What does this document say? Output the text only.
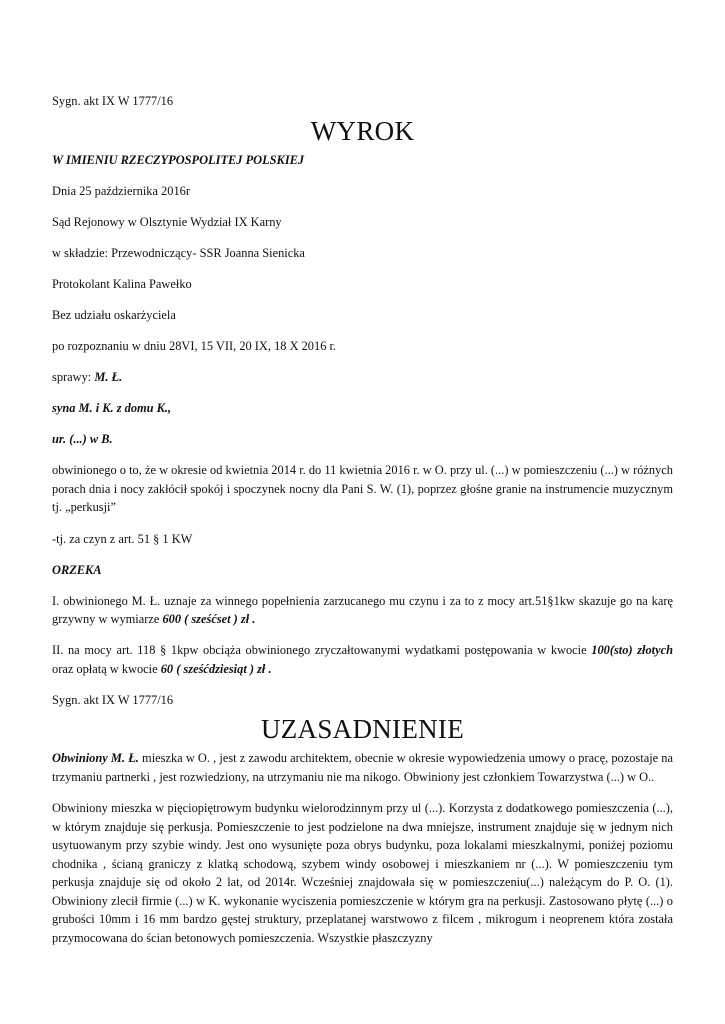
Sygn. akt IX W 1777/16

WYROK

W IMIENIU RZECZYPOSPOLITEJ POLSKIEJ

Dnia 25 października 2016r

Sąd Rejonowy w Olsztynie Wydział IX Karny

w składzie: Przewodniczący- SSR Joanna Sienicka

Protokolant Kalina Pawełko

Bez udziału oskarżyciela

po rozpoznaniu w dniu 28VI, 15 VII, 20 IX, 18 X 2016 r.

sprawy: M. Ł.

syna M. i K. z domu K.,

ur. (...) w B.

obwinionego o to, że w okresie od kwietnia 2014 r. do 11 kwietnia 2016 r. w O. przy ul. (...) w pomieszczeniu (...) w różnych porach dnia i nocy zakłócił spokój i spoczynek nocny dla Pani S. W. (1), poprzez głośne granie na instrumencie muzycznym tj. „perkusji”

-tj. za czyn z art. 51 § 1 KW

ORZEKA

I. obwinionego M. Ł. uznaje za winnego popełnienia zarzucanego mu czynu i za to z mocy art.51§1kw skazuje go na karę grzywny w wymiarze 600 ( sześćset ) zł .

II. na mocy art. 118 § 1kpw obciąża obwinionego zryczałtowanymi wydatkami postępowania w kwocie 100(sto) złotych oraz opłatą w kwocie 60 ( sześćdziesiąt ) zł .

Sygn. akt IX W 1777/16

UZASADNIENIE

Obwiniony M. Ł. mieszka w O. , jest z zawodu architektem, obecnie w okresie wypowiedzenia umowy o pracę, pozostaje na trzymaniu partnerki , jest rozwiedziony, na utrzymaniu nie ma nikogo. Obwiniony jest członkiem Towarzystwa (...) w O..

Obwiniony mieszka w pięciopiętrowym budynku wielorodzinnym przy ul (...). Korzysta z dodatkowego pomieszczenia (...), w którym znajduje się perkusja. Pomieszczenie to jest podzielone na dwa mniejsze, instrument znajduje się w jednym nich usytuowanym przy szybie windy. Jest ono wysunięte poza obrys budynku, poza lokalami mieszkalnymi, poniżej poziomu chodnika , ścianą graniczy z klatką schodową, szybem windy osobowej i mieszkaniem nr (...). W pomieszczeniu tym perkusja znajduje się od około 2 lat, od 2014r. Wcześniej znajdowała się w pomieszczeniu(...) należącym do P. O. (1). Obwiniony zlecił firmie (...) w K. wykonanie wyciszenia pomieszczenie w którym gra na perkusji. Zastosowano płytę (...) o grubości 10mm i 16 mm bardzo gęstej struktury, przeplatanej warstwowo z filcem , mikrogum i neoprenem która została przymocowana do ścian betonowych pomieszczenia. Wszystkie płaszczyzny
